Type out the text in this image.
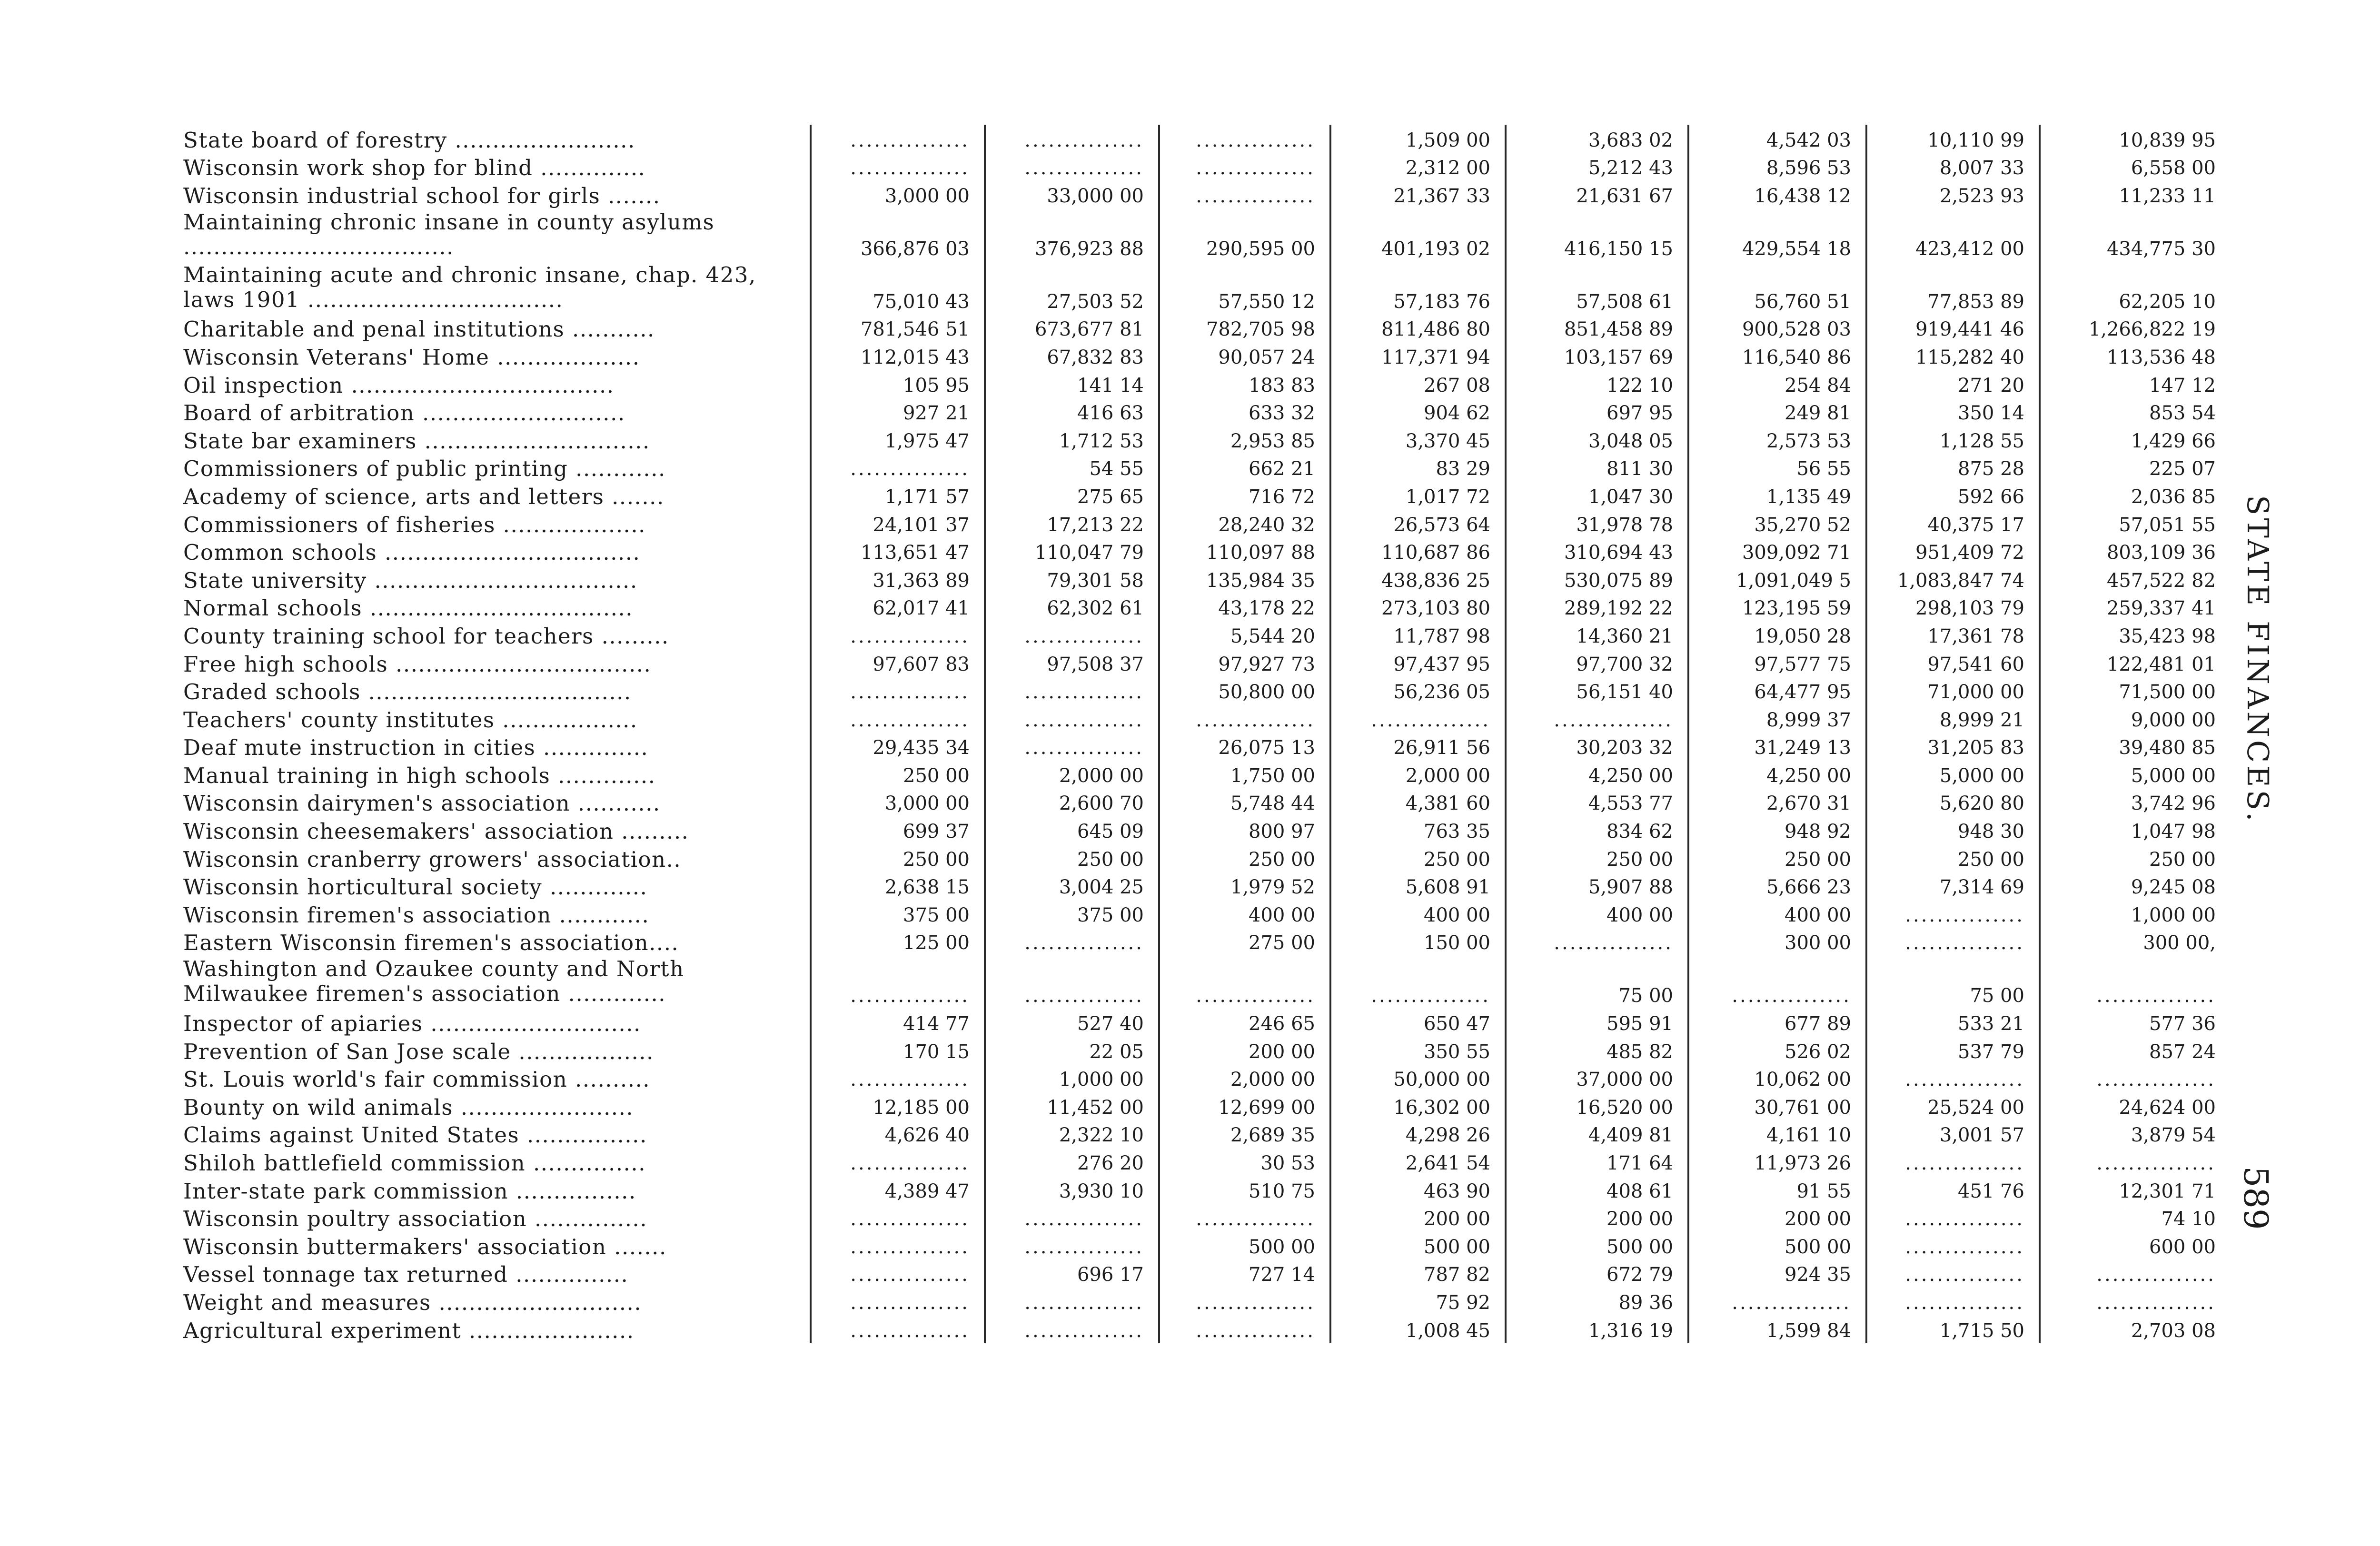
State board of forestry ........................	...............	...............	...............	1,509 00	3,683 02	4,542 03	10,110 99	10,839 95
Wisconsin work shop for blind ..............	...............	...............	...............	2,312 00	5,212 43	8,596 53	8,007 33	6,558 00
Wisconsin industrial school for girls .......	3,000 00	33,000 00	...............	21,367 33	21,631 67	16,438 12	2,523 93	11,233 11
Maintaining chronic insane in county asylums ....................................	366,876 03	376,923 88	290,595 00	401,193 02	416,150 15	429,554 18	423,412 00	434,775 30
Maintaining acute and chronic insane, chap. 423, laws 1901 ..................................	75,010 43	27,503 52	57,550 12	57,183 76	57,508 61	56,760 51	77,853 89	62,205 10
Charitable and penal institutions ...........	781,546 51	673,677 81	782,705 98	811,486 80	851,458 89	900,528 03	919,441 46	1,266,822 19
Wisconsin Veterans' Home ...................	112,015 43	67,832 83	90,057 24	117,371 94	103,157 69	116,540 86	115,282 40	113,536 48
Oil inspection ...................................	105 95	141 14	183 83	267 08	122 10	254 84	271 20	147 12
Board of arbitration ...........................	927 21	416 63	633 32	904 62	697 95	249 81	350 14	853 54
State bar examiners ..............................	1,975 47	1,712 53	2,953 85	3,370 45	3,048 05	2,573 53	1,128 55	1,429 66
Commissioners of public printing ............	...............	54 55	662 21	83 29	811 30	56 55	875 28	225 07
Academy of science, arts and letters .......	1,171 57	275 65	716 72	1,017 72	1,047 30	1,135 49	592 66	2,036 85
Commissioners of fisheries ...................	24,101 37	17,213 22	28,240 32	26,573 64	31,978 78	35,270 52	40,375 17	57,051 55
Common schools ..................................	113,651 47	110,047 79	110,097 88	110,687 86	310,694 43	309,092 71	951,409 72	803,109 36
State university ...................................	31,363 89	79,301 58	135,984 35	438,836 25	530,075 89	1,091,049 5	1,083,847 74	457,522 82
Normal schools ...................................	62,017 41	62,302 61	43,178 22	273,103 80	289,192 22	123,195 59	298,103 79	259,337 41
County training school for teachers .........	...............	...............	5,544 20	11,787 98	14,360 21	19,050 28	17,361 78	35,423 98
Free high schools ..................................	97,607 83	97,508 37	97,927 73	97,437 95	97,700 32	97,577 75	97,541 60	122,481 01
Graded schools ...................................	...............	...............	50,800 00	56,236 05	56,151 40	64,477 95	71,000 00	71,500 00
Teachers' county institutes ..................	...............	...............	...............	...............	...............	8,999 37	8,999 21	9,000 00
Deaf mute instruction in cities ..............	29,435 34	...............	26,075 13	26,911 56	30,203 32	31,249 13	31,205 83	39,480 85
Manual training in high schools .............	250 00	2,000 00	1,750 00	2,000 00	4,250 00	4,250 00	5,000 00	5,000 00
Wisconsin dairymen's association ...........	3,000 00	2,600 70	5,748 44	4,381 60	4,553 77	2,670 31	5,620 80	3,742 96
Wisconsin cheesemakers' association .........	699 37	645 09	800 97	763 35	834 62	948 92	948 30	1,047 98
Wisconsin cranberry growers' association..	250 00	250 00	250 00	250 00	250 00	250 00	250 00	250 00
Wisconsin horticultural society .............	2,638 15	3,004 25	1,979 52	5,608 91	5,907 88	5,666 23	7,314 69	9,245 08
Wisconsin firemen's association ............	375 00	375 00	400 00	400 00	400 00	400 00	...............	1,000 00
Eastern Wisconsin firemen's association....	125 00	...............	275 00	150 00	...............	300 00	...............	300 00,
Washington and Ozaukee county and North Milwaukee firemen's association .............	...............	...............	...............	...............	75 00	...............	75 00	...............
Inspector of apiaries ............................	414 77	527 40	246 65	650 47	595 91	677 89	533 21	577 36
Prevention of San Jose scale ..................	170 15	22 05	200 00	350 55	485 82	526 02	537 79	857 24
St. Louis world's fair commission ..........	...............	1,000 00	2,000 00	50,000 00	37,000 00	10,062 00	...............	...............
Bounty on wild animals .......................	12,185 00	11,452 00	12,699 00	16,302 00	16,520 00	30,761 00	25,524 00	24,624 00
Claims against United States ................	4,626 40	2,322 10	2,689 35	4,298 26	4,409 81	4,161 10	3,001 57	3,879 54
Shiloh battlefield commission ...............	...............	276 20	30 53	2,641 54	171 64	11,973 26	...............	...............
Inter-state park commission ................	4,389 47	3,930 10	510 75	463 90	408 61	91 55	451 76	12,301 71
Wisconsin poultry association ...............	...............	...............	...............	200 00	200 00	200 00	...............	74 10
Wisconsin buttermakers' association .......	...............	...............	500 00	500 00	500 00	500 00	...............	600 00
Vessel tonnage tax returned ...............	...............	696 17	727 14	787 82	672 79	924 35	...............	...............
Weight and measures ...........................	...............	...............	...............	75 92	89 36	...............	...............	...............
Agricultural experiment ......................	...............	...............	...............	1,008 45	1,316 19	1,599 84	1,715 50	2,703 08
STATE FINANCES.
589
